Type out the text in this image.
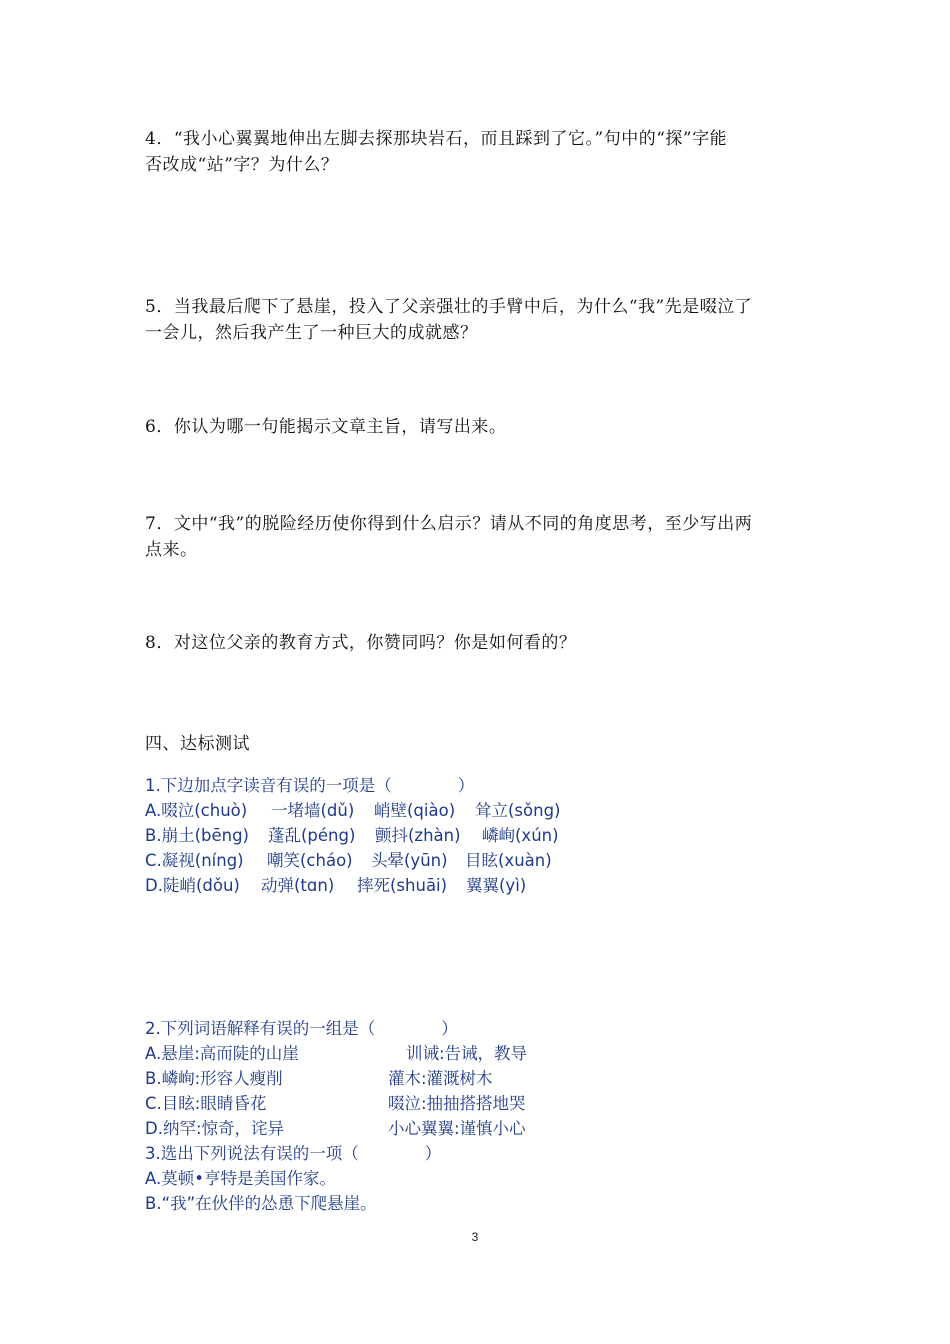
4．“我小心翼翼地伸出左脚去探那块岩石，而且踩到了它。”句中的“探”字能
否改成“站”字？为什么？
5．当我最后爬下了悬崖，投入了父亲强壮的手臂中后，为什么“我”先是啜泣了
一会儿，然后我产生了一种巨大的成就感？
6．你认为哪一句能揭示文章主旨，请写出来。
7．文中“我”的脱险经历使你得到什么启示？请从不同的角度思考，至少写出两
点来。
8．对这位父亲的教育方式，你赞同吗？你是如何看的？
四、达标测试
1.下边加点字读音有误的一项是（　　　　）
A.啜泣(chuò)	一堵墙(dǔ)	峭壁(qiào)	耸立(sǒng)
B.崩土(bēng)	蓬乱(péng)	颤抖(zhàn)	嶙峋(xún)
C.凝视(níng)	嘲笑(cháo)	头晕(yūn)	目眩(xuàn)
D.陡峭(dǒu)	动弹(tɑn)	摔死(shuāi)	翼翼(yì)
2.下列词语解释有误的一组是（　　　　）
A.悬崖:高而陡的山崖	训诫:告诫，教导
B.嶙峋:形容人瘦削	灌木:灌溉树木
C.目眩:眼睛昏花	啜泣:抽抽搭搭地哭
D.纳罕:惊奇，诧异	小心翼翼:谨慎小心
3.选出下列说法有误的一项（　　　　）
A.莫顿•亨特是美国作家。
B.“我”在伙伴的怂恿下爬悬崖。
3
